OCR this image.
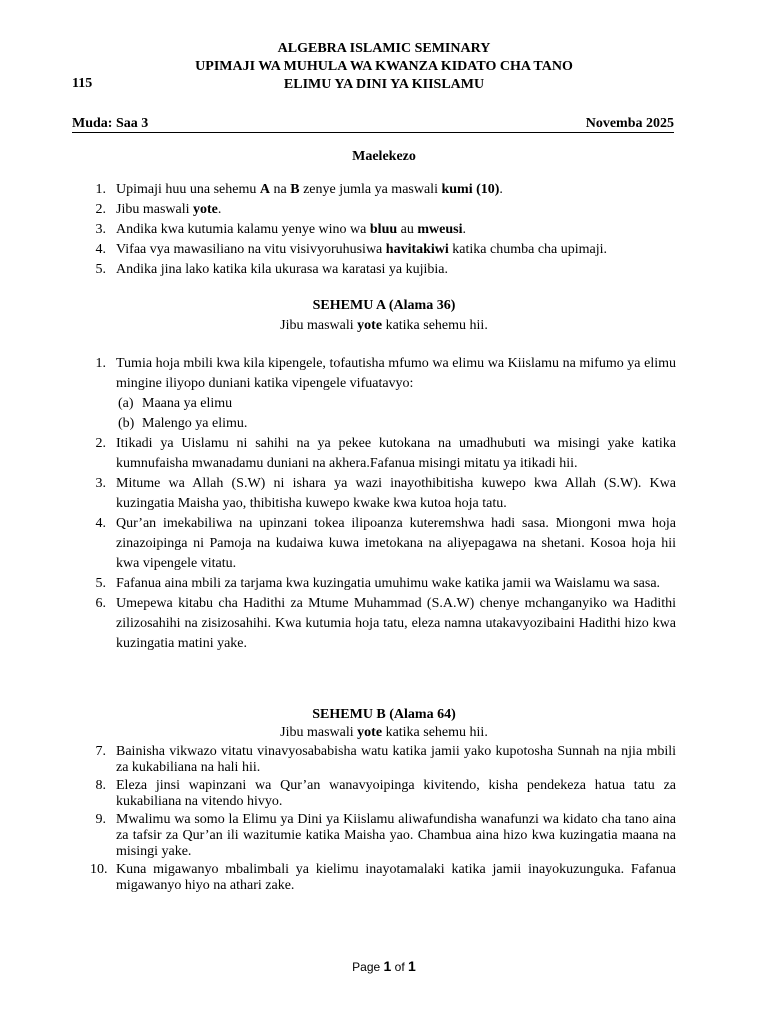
ALGEBRA ISLAMIC SEMINARY
UPIMAJI WA MUHULA WA KWANZA KIDATO CHA TANO
ELIMU YA DINI YA KIISLAMU
115
Muda: Saa 3	Novemba 2025
Maelekezo
1. Upimaji huu una sehemu A na B zenye jumla ya maswali kumi (10).
2. Jibu maswali yote.
3. Andika kwa kutumia kalamu yenye wino wa bluu au mweusi.
4. Vifaa vya mawasiliano na vitu visivyoruhusiwa havitakiwi katika chumba cha upimaji.
5. Andika jina lako katika kila ukurasa wa karatasi ya kujibia.
SEHEMU A (Alama 36)
Jibu maswali yote katika sehemu hii.
1. Tumia hoja mbili kwa kila kipengele, tofautisha mfumo wa elimu wa Kiislamu na mifumo ya elimu mingine iliyopo duniani katika vipengele vifuatavyo:
(a) Maana ya elimu
(b) Malengo ya elimu.
2. Itikadi ya Uislamu ni sahihi na ya pekee kutokana na umadhubuti wa misingi yake katika kumnufaisha mwanadamu duniani na akhera.Fafanua misingi mitatu ya itikadi hii.
3. Mitume wa Allah (S.W) ni ishara ya wazi inayothibitisha kuwepo kwa Allah (S.W). Kwa kuzingatia Maisha yao, thibitisha kuwepo kwake kwa kutoa hoja tatu.
4. Qur’an imekabiliwa na upinzani tokea ilipoanza kuteremshwa hadi sasa. Miongoni mwa hoja zinazoipinga ni Pamoja na kudaiwa kuwa imetokana na aliyepagawa na shetani. Kosoa hoja hii kwa vipengele vitatu.
5. Fafanua aina mbili za tarjama kwa kuzingatia umuhimu wake katika jamii wa Waislamu wa sasa.
6. Umepewa kitabu cha Hadithi za Mtume Muhammad (S.A.W) chenye mchanganyiko wa Hadithi zilizosahihi na zisizosahihi. Kwa kutumia hoja tatu, eleza namna utakavyozibaini Hadithi hizo kwa kuzingatia matini yake.
SEHEMU B (Alama 64)
Jibu maswali yote katika sehemu hii.
7. Bainisha vikwazo vitatu vinavyosababisha watu katika jamii yako kupotosha Sunnah na njia mbili za kukabiliana na hali hii.
8. Eleza jinsi wapinzani wa Qur’an wanavyoipinga kivitendo, kisha pendekeza hatua tatu za kukabiliana na vitendo hivyo.
9. Mwalimu wa somo la Elimu ya Dini ya Kiislamu aliwafundisha wanafunzi wa kidato cha tano aina za tafsir za Qur’an ili wazitumie katika Maisha yao. Chambua aina hizo kwa kuzingatia maana na misingi yake.
10. Kuna migawanyo mbalimbali ya kielimu inayotamalaki katika jamii inayokuzunguka. Fafanua migawanyo hiyo na athari zake.
Page 1 of 1
